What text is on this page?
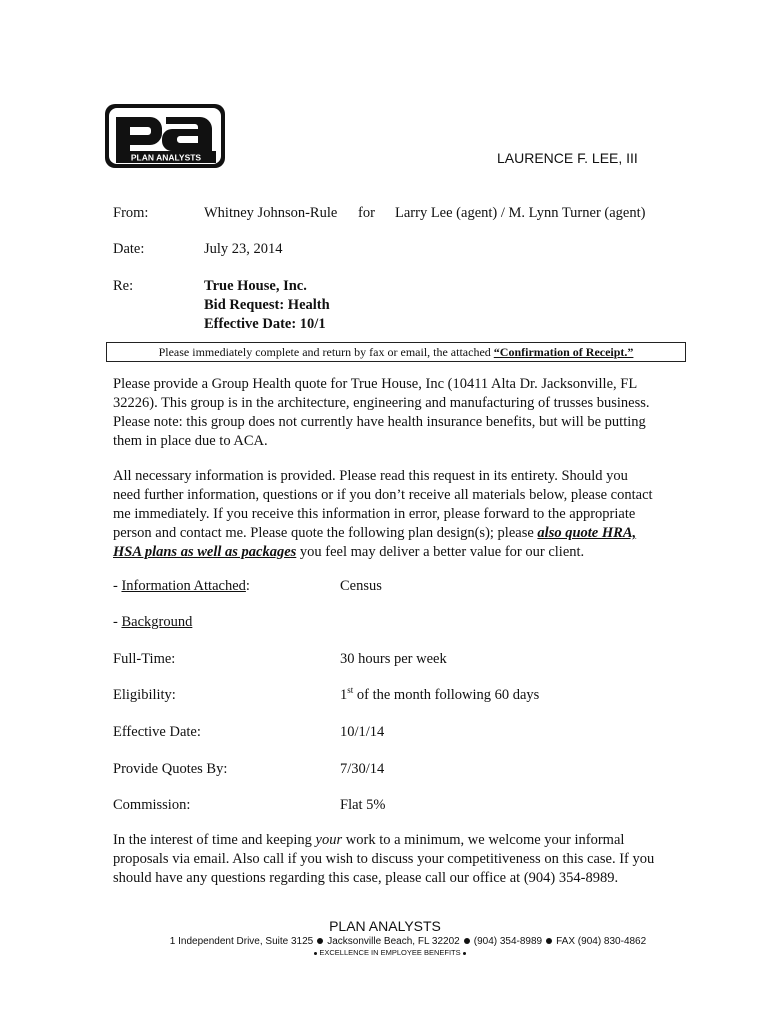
PLAN ANALYSTS	LAURENCE F. LEE, III
From:	Whitney Johnson-Rule for Larry Lee (agent) / M. Lynn Turner (agent)
Date:	July 23, 2014
Re:	True House, Inc.
Bid Request: Health
Effective Date: 10/1
Please immediately complete and return by fax or email, the attached “Confirmation of Receipt.”
Please provide a Group Health quote for True House, Inc (10411 Alta Dr. Jacksonville, FL
32226). This group is in the architecture, engineering and manufacturing of trusses business.
Please note: this group does not currently have health insurance benefits, but will be putting
them in place due to ACA.
All necessary information is provided. Please read this request in its entirety. Should you
need further information, questions or if you don’t receive all materials below, please contact
me immediately. If you receive this information in error, please forward to the appropriate
person and contact me. Please quote the following plan design(s); please also quote HRA,
HSA plans as well as packages you feel may deliver a better value for our client.
- Information Attached:	Census
- Background
Full-Time:	30 hours per week
Eligibility:	1st of the month following 60 days
Effective Date:	10/1/14
Provide Quotes By:	7/30/14
Commission:	Flat 5%
In the interest of time and keeping your work to a minimum, we welcome your informal
proposals via email. Also call if you wish to discuss your competitiveness on this case. If you
should have any questions regarding this case, please call our office at (904) 354-8989.
PLAN ANALYSTS
1 Independent Drive, Suite 3125 Jacksonville Beach, FL 32202 (904) 354-8989 FAX (904) 830-4862
EXCELLENCE IN EMPLOYEE BENEFITS
